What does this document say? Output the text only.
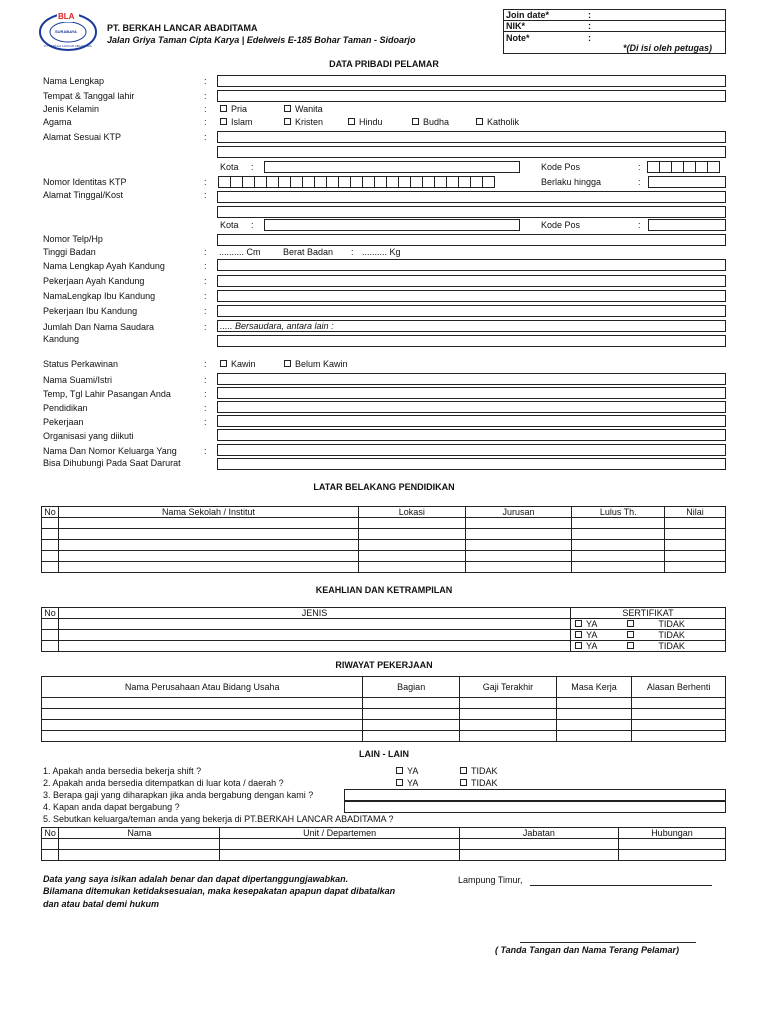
BLA
SURABAYA
PT BERKAH LANCAR ABADITAMA
PT. BERKAH LANCAR ABADITAMA
Jalan Griya Taman Cipta Karya | Edelweis E-185 Bohar Taman - Sidoarjo
Join date*	:
NIK*	:
Note*	:
*(Di isi oleh petugas)
DATA PRIBADI PELAMAR
Nama Lengkap	:
Tempat & Tanggal lahir	:
Jenis Kelamin	:	Pria	Wanita
Agama	:	Islam	Kristen	Hindu	Budha	Katholik
Alamat Sesuai KTP	:
Kota :	Kode Pos	:
Nomor Identitas KTP	:	Berlaku hingga	:
Alamat Tinggal/Kost	:
Kota :	Kode Pos	:
Nomor Telp/Hp
Tinggi Badan	: .......... Cm Berat Badan : .......... Kg
Nama Lengkap Ayah Kandung	:
Pekerjaan Ayah Kandung	:
NamaLengkap Ibu Kandung	:
Pekerjaan Ibu Kandung	:
Jumlah Dan Nama Saudara
Kandung
: ..... Bersaudara, antara lain :
Status Perkawinan	:	Kawin	Belum Kawin
Nama Suami/Istri	:
Temp, Tgl Lahir Pasangan Anda	:
Pendidikan	:
Pekerjaan	:
Organisasi yang diikuti
Nama Dan Nomor Keluarga Yang
Bisa Dihubungi Pada Saat Darurat
:
LATAR BELAKANG PENDIDIKAN
No	Nama Sekolah / Institut	Lokasi	Jurusan	Lulus Th.	Nilai

KEAHLIAN DAN KETRAMPILAN
No	JENIS	SERTIFIKAT
		YA TIDAK
		YA TIDAK
		YA TIDAK
RIWAYAT PEKERJAAN
Nama Perusahaan Atau Bidang Usaha	Bagian	Gaji Terakhir	Masa Kerja	Alasan Berhenti

LAIN - LAIN
1. Apakah anda bersedia bekerja shift ?	YA	TIDAK
2. Apakah anda bersedia ditempatkan di luar kota / daerah ?	YA	TIDAK
3. Berapa gaji yang diharapkan jika anda bergabung dengan kami ?
4. Kapan anda dapat bergabung ?
5. Sebutkan keluarga/teman anda yang bekerja di PT.BERKAH LANCAR ABADITAMA ?
No	Nama	Unit / Departemen	Jabatan	Hubungan

Data yang saya isikan adalah benar dan dapat dipertanggungjawabkan.
Bilamana ditemukan ketidaksesuaian, maka kesepakatan apapun dapat dibatalkan
dan atau batal demi hukum
Lampung Timur,
( Tanda Tangan dan Nama Terang Pelamar)
